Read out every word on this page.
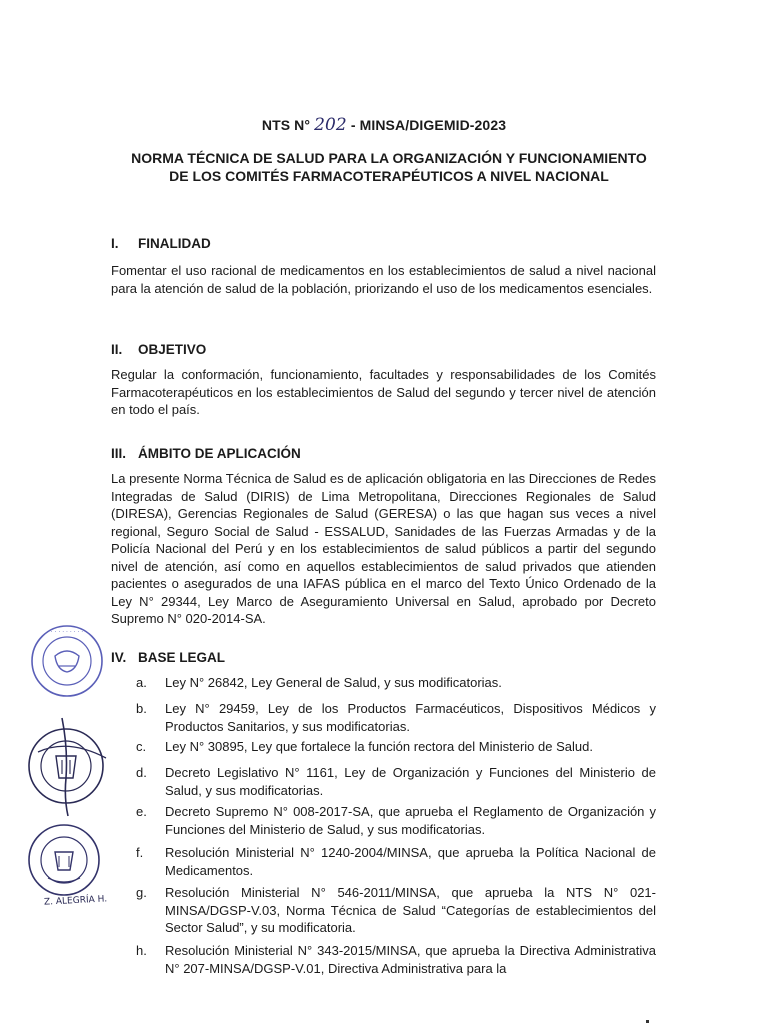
NTS N° 202 - MINSA/DIGEMID-2023
NORMA TÉCNICA DE SALUD PARA LA ORGANIZACIÓN Y FUNCIONAMIENTO DE LOS COMITÉS FARMACOTERAPÉUTICOS A NIVEL NACIONAL
I. FINALIDAD
Fomentar el uso racional de medicamentos en los establecimientos de salud a nivel nacional para la atención de salud de la población, priorizando el uso de los medicamentos esenciales.
II. OBJETIVO
Regular la conformación, funcionamiento, facultades y responsabilidades de los Comités Farmacoterapéuticos en los establecimientos de Salud del segundo y tercer nivel de atención en todo el país.
III. ÁMBITO DE APLICACIÓN
La presente Norma Técnica de Salud es de aplicación obligatoria en las Direcciones de Redes Integradas de Salud (DIRIS) de Lima Metropolitana, Direcciones Regionales de Salud (DIRESA), Gerencias Regionales de Salud (GERESA) o las que hagan sus veces a nivel regional, Seguro Social de Salud - ESSALUD, Sanidades de las Fuerzas Armadas y de la Policía Nacional del Perú y en los establecimientos de salud públicos a partir del segundo nivel de atención, así como en aquellos establecimientos de salud privados que atienden pacientes o asegurados de una IAFAS pública en el marco del Texto Único Ordenado de la Ley N° 29344, Ley Marco de Aseguramiento Universal en Salud, aprobado por Decreto Supremo N° 020-2014-SA.
IV. BASE LEGAL
a. Ley N° 26842, Ley General de Salud, y sus modificatorias.
b. Ley N° 29459, Ley de los Productos Farmacéuticos, Dispositivos Médicos y Productos Sanitarios, y sus modificatorias.
c. Ley N° 30895, Ley que fortalece la función rectora del Ministerio de Salud.
d. Decreto Legislativo N° 1161, Ley de Organización y Funciones del Ministerio de Salud, y sus modificatorias.
e. Decreto Supremo N° 008-2017-SA, que aprueba el Reglamento de Organización y Funciones del Ministerio de Salud, y sus modificatorias.
f. Resolución Ministerial N° 1240-2004/MINSA, que aprueba la Política Nacional de Medicamentos.
g. Resolución Ministerial N° 546-2011/MINSA, que aprueba la NTS N° 021-MINSA/DGSP-V.03, Norma Técnica de Salud “Categorías de establecimientos del Sector Salud”, y su modificatoria.
h. Resolución Ministerial N° 343-2015/MINSA, que aprueba la Directiva Administrativa N° 207-MINSA/DGSP-V.01, Directiva Administrativa para la
· · · · · · · · ·
Z. ALEGRÍA H.
